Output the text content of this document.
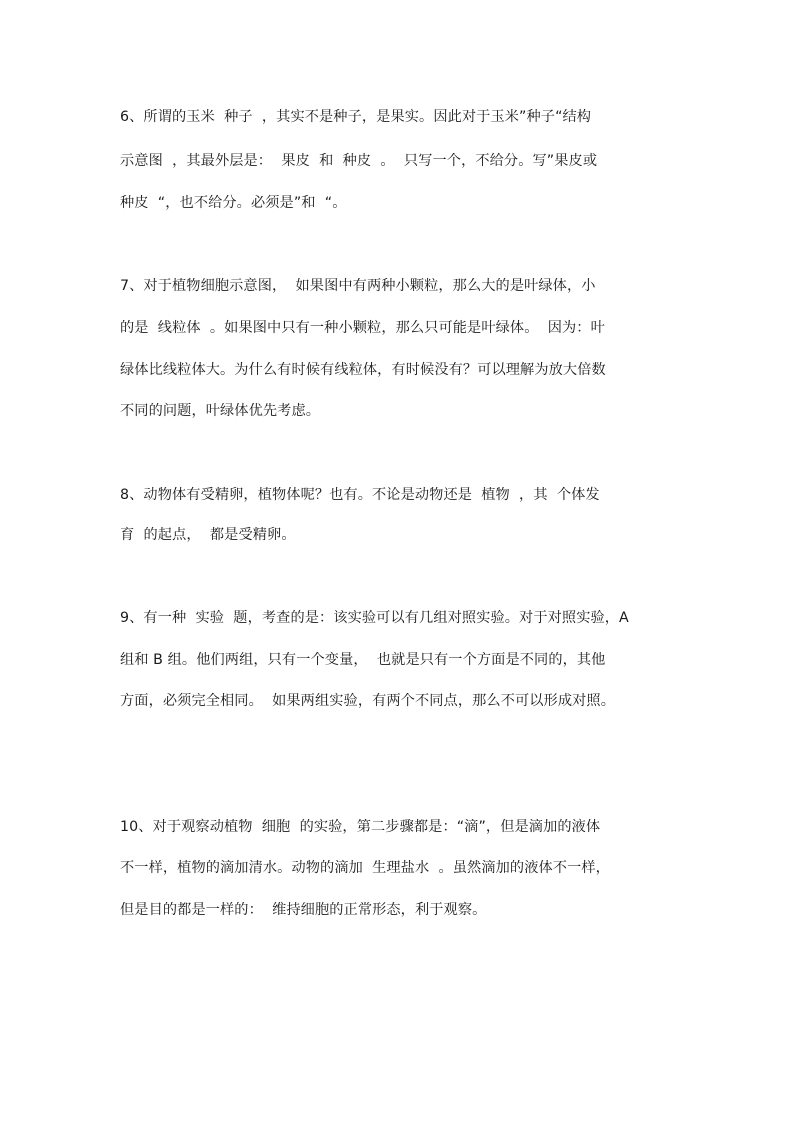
6、所谓的玉米  种子  ，其实不是种子，是果实。因此对于玉米”种子“结构
示意图  ，其最外层是：  果皮  和  种皮  。  只写一个，不给分。写”果皮或
种皮  “，也不给分。必须是”和  “。
7、对于植物细胞示意图，  如果图中有两种小颗粒，那么大的是叶绿体，小
的是  线粒体  。如果图中只有一种小颗粒，那么只可能是叶绿体。  因为：叶
绿体比线粒体大。为什么有时候有线粒体，有时候没有？可以理解为放大倍数
不同的问题，叶绿体优先考虑。
8、动物体有受精卵，植物体呢？也有。不论是动物还是  植物  ，其  个体发
育  的起点，  都是受精卵。
9、有一种  实验  题，考查的是：该实验可以有几组对照实验。对于对照实验，A
组和 B 组。他们两组，只有一个变量，  也就是只有一个方面是不同的，其他
方面，必须完全相同。  如果两组实验，有两个不同点，那么不可以形成对照。
10、对于观察动植物  细胞  的实验，第二步骤都是：“滴”，但是滴加的液体
不一样，植物的滴加清水。动物的滴加  生理盐水  。虽然滴加的液体不一样，
但是目的都是一样的：  维持细胞的正常形态，利于观察。
